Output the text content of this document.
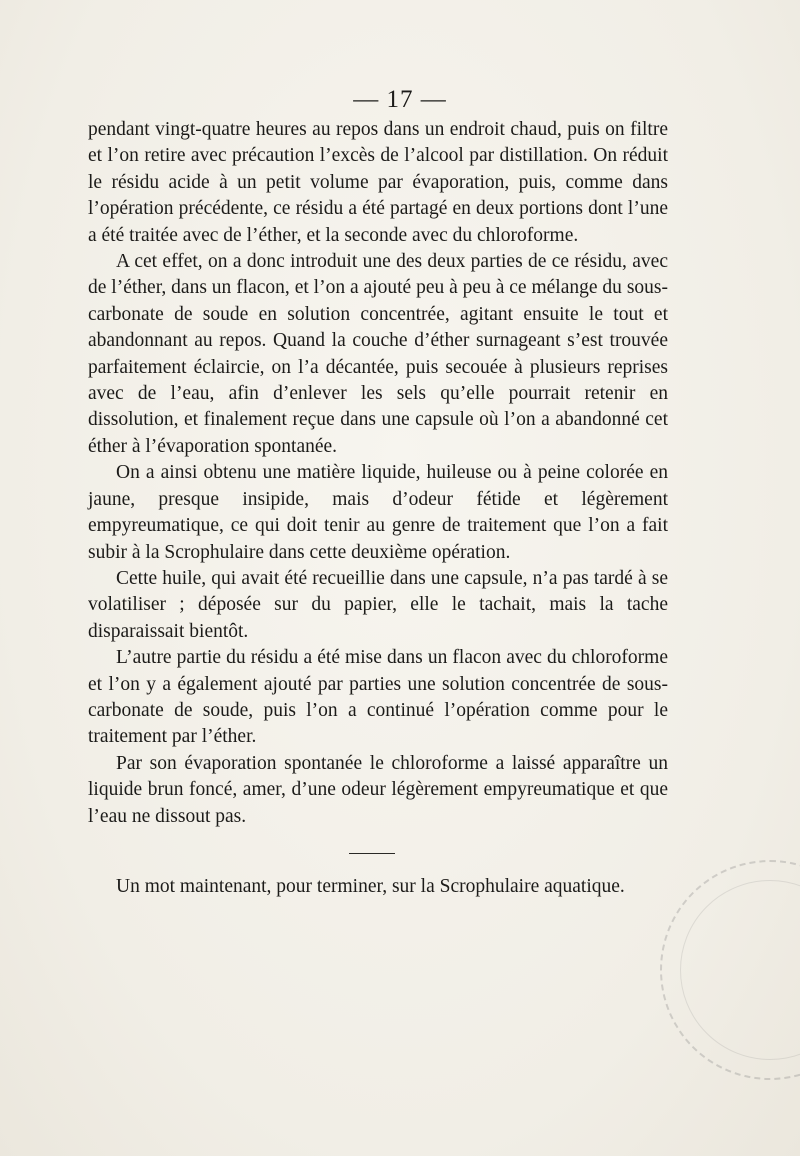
— 17 —

pendant vingt-quatre heures au repos dans un endroit chaud, puis on filtre et l’on retire avec précaution l’excès de l’alcool par distillation. On réduit le résidu acide à un petit volume par évaporation, puis, comme dans l’opération précédente, ce résidu a été partagé en deux portions dont l’une a été traitée avec de l’éther, et la seconde avec du chloroforme.

A cet effet, on a donc introduit une des deux parties de ce résidu, avec de l’éther, dans un flacon, et l’on a ajouté peu à peu à ce mélange du sous-carbonate de soude en solution concentrée, agitant ensuite le tout et abandonnant au repos. Quand la couche d’éther surnageant s’est trouvée parfaitement éclaircie, on l’a décantée, puis secouée à plusieurs reprises avec de l’eau, afin d’enlever les sels qu’elle pourrait retenir en dissolution, et finalement reçue dans une capsule où l’on a abandonné cet éther à l’évaporation spontanée.

On a ainsi obtenu une matière liquide, huileuse ou à peine colorée en jaune, presque insipide, mais d’odeur fétide et légèrement empyreumatique, ce qui doit tenir au genre de traitement que l’on a fait subir à la Scrophulaire dans cette deuxième opération.

Cette huile, qui avait été recueillie dans une capsule, n’a pas tardé à se volatiliser ; déposée sur du papier, elle le tachait, mais la tache disparaissait bientôt.

L’autre partie du résidu a été mise dans un flacon avec du chloroforme et l’on y a également ajouté par parties une solution concentrée de sous-carbonate de soude, puis l’on a continué l’opération comme pour le traitement par l’éther.

Par son évaporation spontanée le chloroforme a laissé apparaître un liquide brun foncé, amer, d’une odeur légèrement empyreumatique et que l’eau ne dissout pas.

Un mot maintenant, pour terminer, sur la Scrophulaire aquatique.
